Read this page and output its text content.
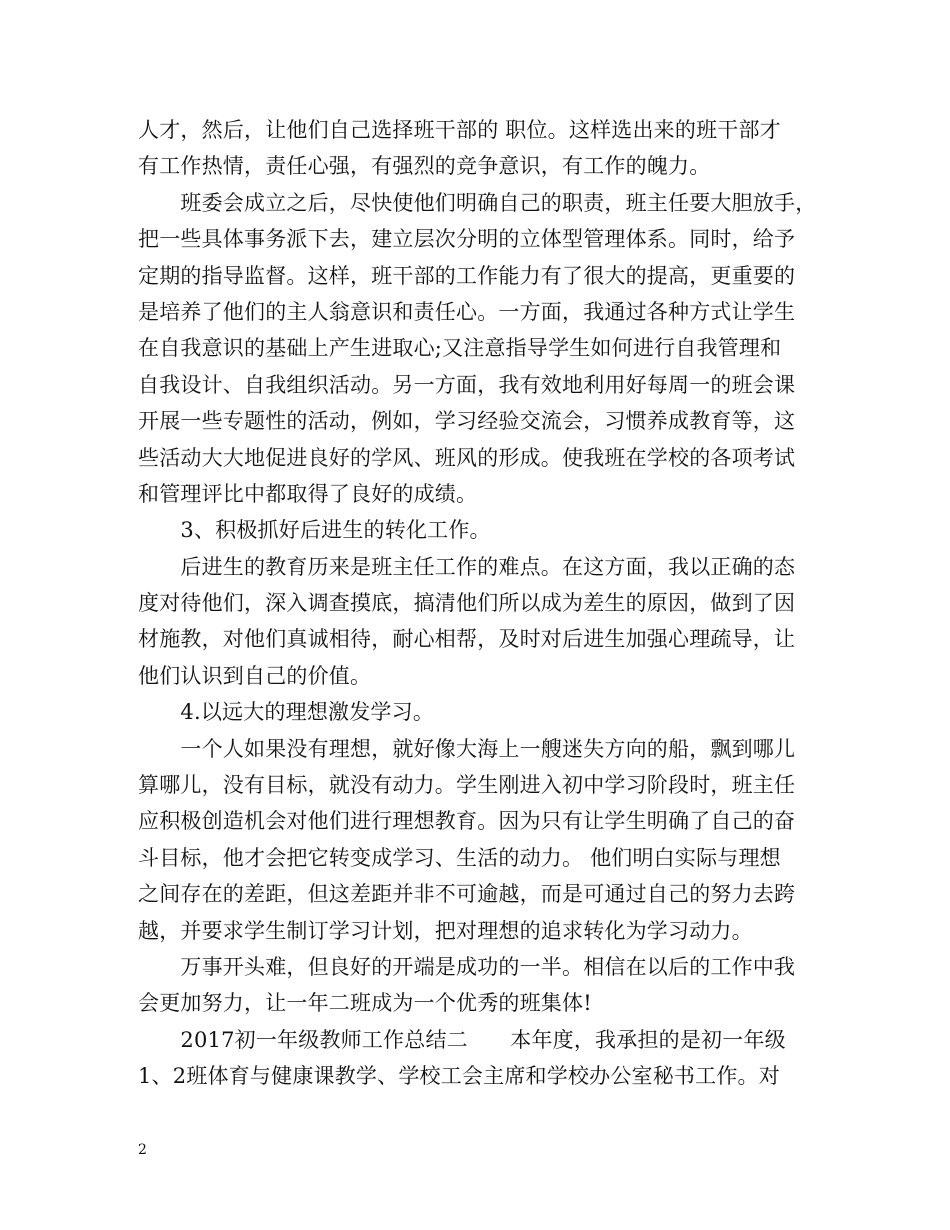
人才，然后，让他们自己选择班干部的 职位。这样选出来的班干部才
有工作热情，责任心强，有强烈的竞争意识，有工作的魄力。
　　班委会成立之后，尽快使他们明确自己的职责，班主任要大胆放手，
把一些具体事务派下去，建立层次分明的立体型管理体系。同时，给予
定期的指导监督。这样，班干部的工作能力有了很大的提高，更重要的
是培养了他们的主人翁意识和责任心。一方面，我通过各种方式让学生
在自我意识的基础上产生进取心;又注意指导学生如何进行自我管理和
自我设计、自我组织活动。另一方面，我有效地利用好每周一的班会课
开展一些专题性的活动，例如，学习经验交流会，习惯养成教育等，这
些活动大大地促进良好的学风、班风的形成。使我班在学校的各项考试
和管理评比中都取得了良好的成绩。
　　3、积极抓好后进生的转化工作。
　　后进生的教育历来是班主任工作的难点。在这方面，我以正确的态
度对待他们，深入调查摸底，搞清他们所以成为差生的原因，做到了因
材施教，对他们真诚相待，耐心相帮，及时对后进生加强心理疏导，让
他们认识到自己的价值。
　　4.以远大的理想激发学习。
　　一个人如果没有理想，就好像大海上一艘迷失方向的船，飘到哪儿
算哪儿，没有目标，就没有动力。学生刚进入初中学习阶段时，班主任
应积极创造机会对他们进行理想教育。因为只有让学生明确了自己的奋
斗目标，他才会把它转变成学习、生活的动力。 他们明白实际与理想
之间存在的差距，但这差距并非不可逾越，而是可通过自己的努力去跨
越，并要求学生制订学习计划，把对理想的追求转化为学习动力。
　　万事开头难，但良好的开端是成功的一半。相信在以后的工作中我
会更加努力，让一年二班成为一个优秀的班集体!
　　2017初一年级教师工作总结二　　本年度，我承担的是初一年级
1、2班体育与健康课教学、学校工会主席和学校办公室秘书工作。对
2
